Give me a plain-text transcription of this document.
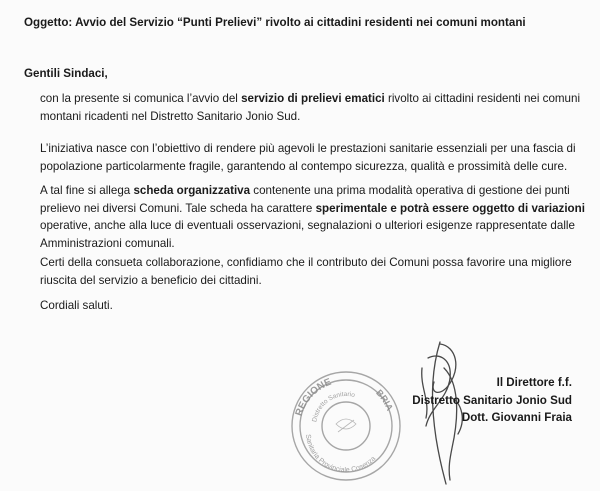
Oggetto: Avvio del Servizio “Punti Prelievi” rivolto ai cittadini residenti nei comuni montani
Gentili Sindaci,

con la presente si comunica l’avvio del servizio di prelievi ematici rivolto ai cittadini residenti nei comuni montani ricadenti nel Distretto Sanitario Jonio Sud.

L’iniziativa nasce con l’obiettivo di rendere più agevoli le prestazioni sanitarie essenziali per una fascia di popolazione particolarmente fragile, garantendo al contempo sicurezza, qualità e prossimità delle cure.

A tal fine si allega scheda organizzativa contenente una prima modalità operativa di gestione dei punti prelievo nei diversi Comuni. Tale scheda ha carattere sperimentale e potrà essere oggetto di variazioni operative, anche alla luce di eventuali osservazioni, segnalazioni o ulteriori esigenze rappresentate dalle Amministrazioni comunali.

Certi della consueta collaborazione, confidiamo che il contributo dei Comuni possa favorire una migliore riuscita del servizio a beneficio dei cittadini.

Cordiali saluti.
REGIONE
BRIA
Distretto Sanitario
Sanitaria Provinciale Cosenza
Il Direttore f.f.
Distretto Sanitario Jonio Sud
Dott. Giovanni Fraia
